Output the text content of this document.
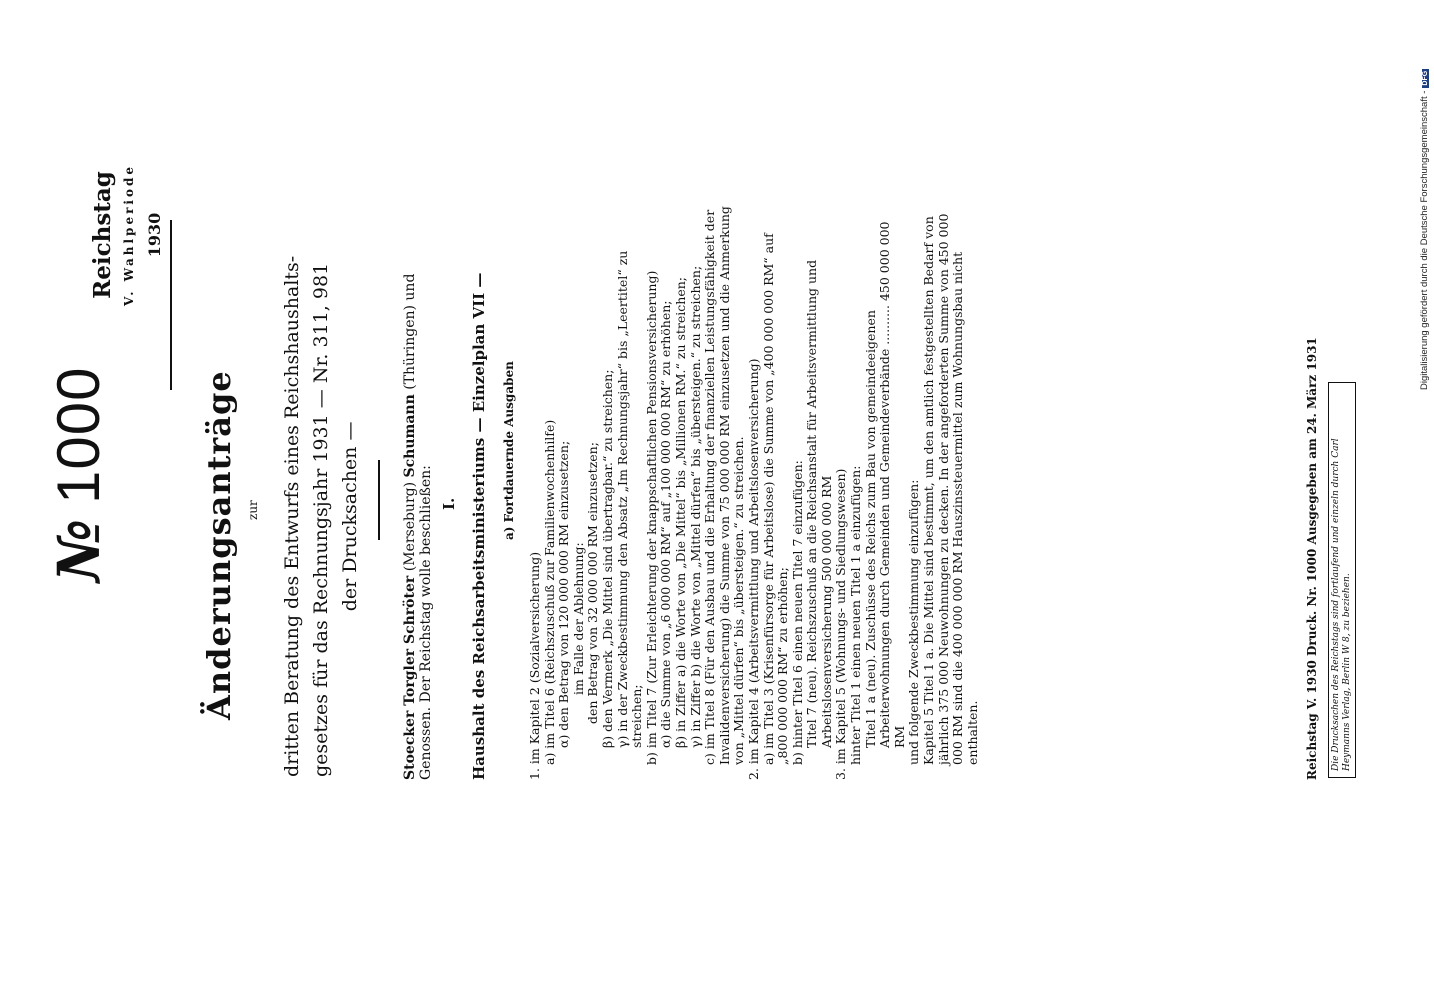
№1000
Reichstag V. Wahlperiode 1930
Änderungsanträge zur dritten Beratung des Entwurfs eines Reichshaushalts- gesetzes für das Rechnungsjahr 1931 — Nr. 311, 981 der Drucksachen —
Stoecker Torgler Schröter (Merseburg) Schumann (Thüringen) und
Genossen. Der Reichstag wolle beschließen: I. Haushalt des Reichsarbeitsministeriums — Einzelplan VII — a) Fortdauernde Ausgaben
1. im Kapitel 2 (Sozialversicherung) a) im Titel 6 (Reichszuschuß zur Familienwochenhilfe) α) den Betrag von 120 000 000 RM einzusetzen; im Falle der Ablehnung: den Betrag von 32 000 000 RM einzusetzen; β) den Vermerk „Die Mittel sind übertragbar.“ zu streichen; γ) in der Zweckbestimmung den Absatz „Im Rechnungsjahr“ bis „Leertitel“ zu streichen; b) im Titel 7 (Zur Erleichterung der knappschaftlichen Pensionsversicherung) α) die Summe von „6 000 000 RM“ auf „100 000 000 RM“ zu erhöhen; β) in Ziffer a) die Worte von „Die Mittel“ bis „Millionen RM.“ zu streichen; γ) in Ziffer b) die Worte von „Mittel dürfen“ bis „übersteigen.“ zu streichen; c) im Titel 8 (Für den Ausbau und die Erhaltung der finanziellen Leistungsfähigkeit der Invalidenversicherung) die Summe von 75 000 000 RM einzusetzen und die Anmerkung von „Mittel dürfen“ bis „übersteigen.“ zu streichen. 2. im Kapitel 4 (Arbeitsvermittlung und Arbeitslosenversicherung) a) im Titel 3 (Krisenfürsorge für Arbeitslose) die Summe von „400 000 000 RM“ auf „800 000 000 RM“ zu erhöhen; b) hinter Titel 6 einen neuen Titel 7 einzufügen: Titel 7 (neu). Reichszuschuß an die Reichsanstalt für Arbeitsvermittlung und Arbeitslosenversicherung 500 000 000 RM 3. im Kapitel 5 (Wohnungs- und Siedlungswesen) hinter Titel 1 einen neuen Titel 1 a einzufügen: Titel 1 a (neu). Zuschüsse des Reichs zum Bau von gemeindeeigenen Arbeiterwohnungen durch Gemeinden und Gemeindeverbände .......... 450 000 000 RM und folgende Zweckbestimmung einzufügen: Kapitel 5 Titel 1 a. Die Mittel sind bestimmt, um den amtlich festgestellten Bedarf von jährlich 375 000 Neuwohnungen zu decken. In der angeforderten Summe von 450 000 000 RM sind die 400 000 000 RM Hauszinssteuermittel zum Wohnungsbau nicht enthalten.	Reichstag V. 1930 Druck. Nr. 1000 Ausgegeben am 24. März 1931	Die Drucksachen des Reichstags sind fortlaufend und einzeln durch Carl Heymanns Verlag, Berlin W 8, zu beziehen.
Digitalisierung gefördert durch die Deutsche Forschungsgemeinschaft -DFG
